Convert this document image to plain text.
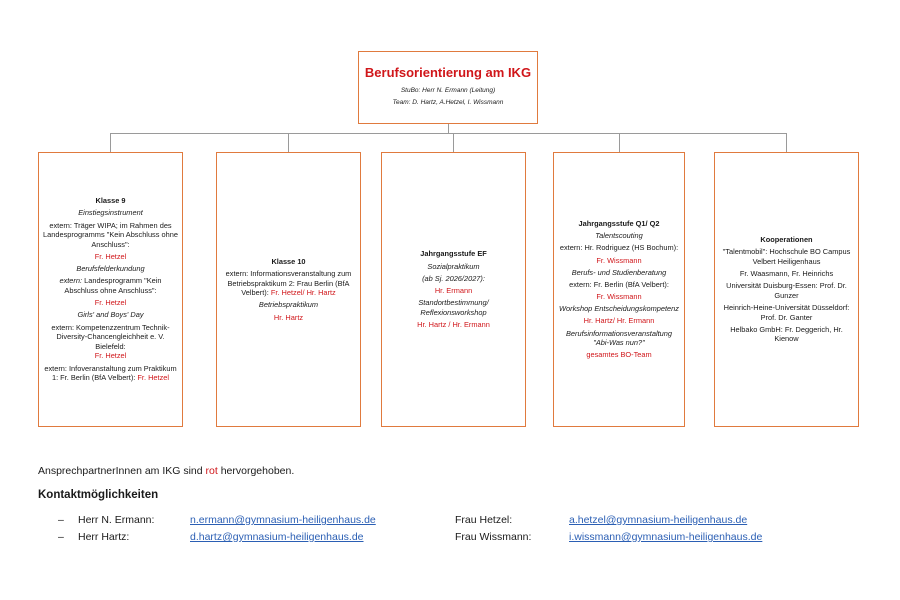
Berufsorientierung am IKG
StuBo: Herr N. Ermann (Leitung)
Team: D. Hartz, A.Hetzel, I. Wissmann
Klasse 9
Einstiegsinstrument
extern: Träger WIPA; im Rahmen des Landesprogramms "Kein Abschluss ohne Anschluss":
Fr. Hetzel
Berufsfelderkundung
extern: Landesprogramm "Kein Abschluss ohne Anschluss":
Fr. Hetzel
Girls' and Boys' Day
extern: Kompetenzzentrum Technik-Diversity-Chancengleichheit e. V. Bielefeld:
Fr. Hetzel
extern: Infoveranstaltung zum Praktikum 1: Fr. Berlin (BfA Velbert): Fr. Hetzel
Klasse 10
extern: Informationsveranstaltung zum Betriebspraktikum 2: Frau Berlin (BfA Velbert): Fr. Hetzel/ Hr. Hartz
Betriebspraktikum
Hr. Hartz
Jahrgangsstufe EF
Sozialpraktikum
(ab Sj. 2026/2027):
Hr. Ermann
Standortbestimmung/ Reflexionsworkshop
Hr. Hartz / Hr. Ermann
Jahrgangsstufe Q1/ Q2
Talentscouting
extern: Hr. Rodriguez (HS Bochum):
Fr. Wissmann
Berufs- und Studienberatung
extern: Fr. Berlin (BfA Velbert):
Fr. Wissmann
Workshop Entscheidungskompetenz
Hr. Hartz/ Hr. Ermann
Berufsinformationsveranstaltung "Abi-Was nun?"
gesamtes BO-Team
Kooperationen
"Talentmobil": Hochschule BO Campus Velbert Heiligenhaus
Fr. Waasmann, Fr. Heinrichs
Universität Duisburg-Essen: Prof. Dr. Gunzer
Heinrich-Heine-Universität Düsseldorf: Prof. Dr. Ganter
Helbako GmbH: Fr. Deggerich, Hr. Kienow
AnsprechpartnerInnen am IKG sind rot hervorgehoben.
Kontaktmöglichkeiten
– Herr N. Ermann:	n.ermann@gymnasium-heiligenhaus.de	Frau Hetzel:	a.hetzel@gymnasium-heiligenhaus.de
– Herr Hartz:	d.hartz@gymnasium-heiligenhaus.de	Frau Wissmann:	i.wissmann@gymnasium-heiligenhaus.de
